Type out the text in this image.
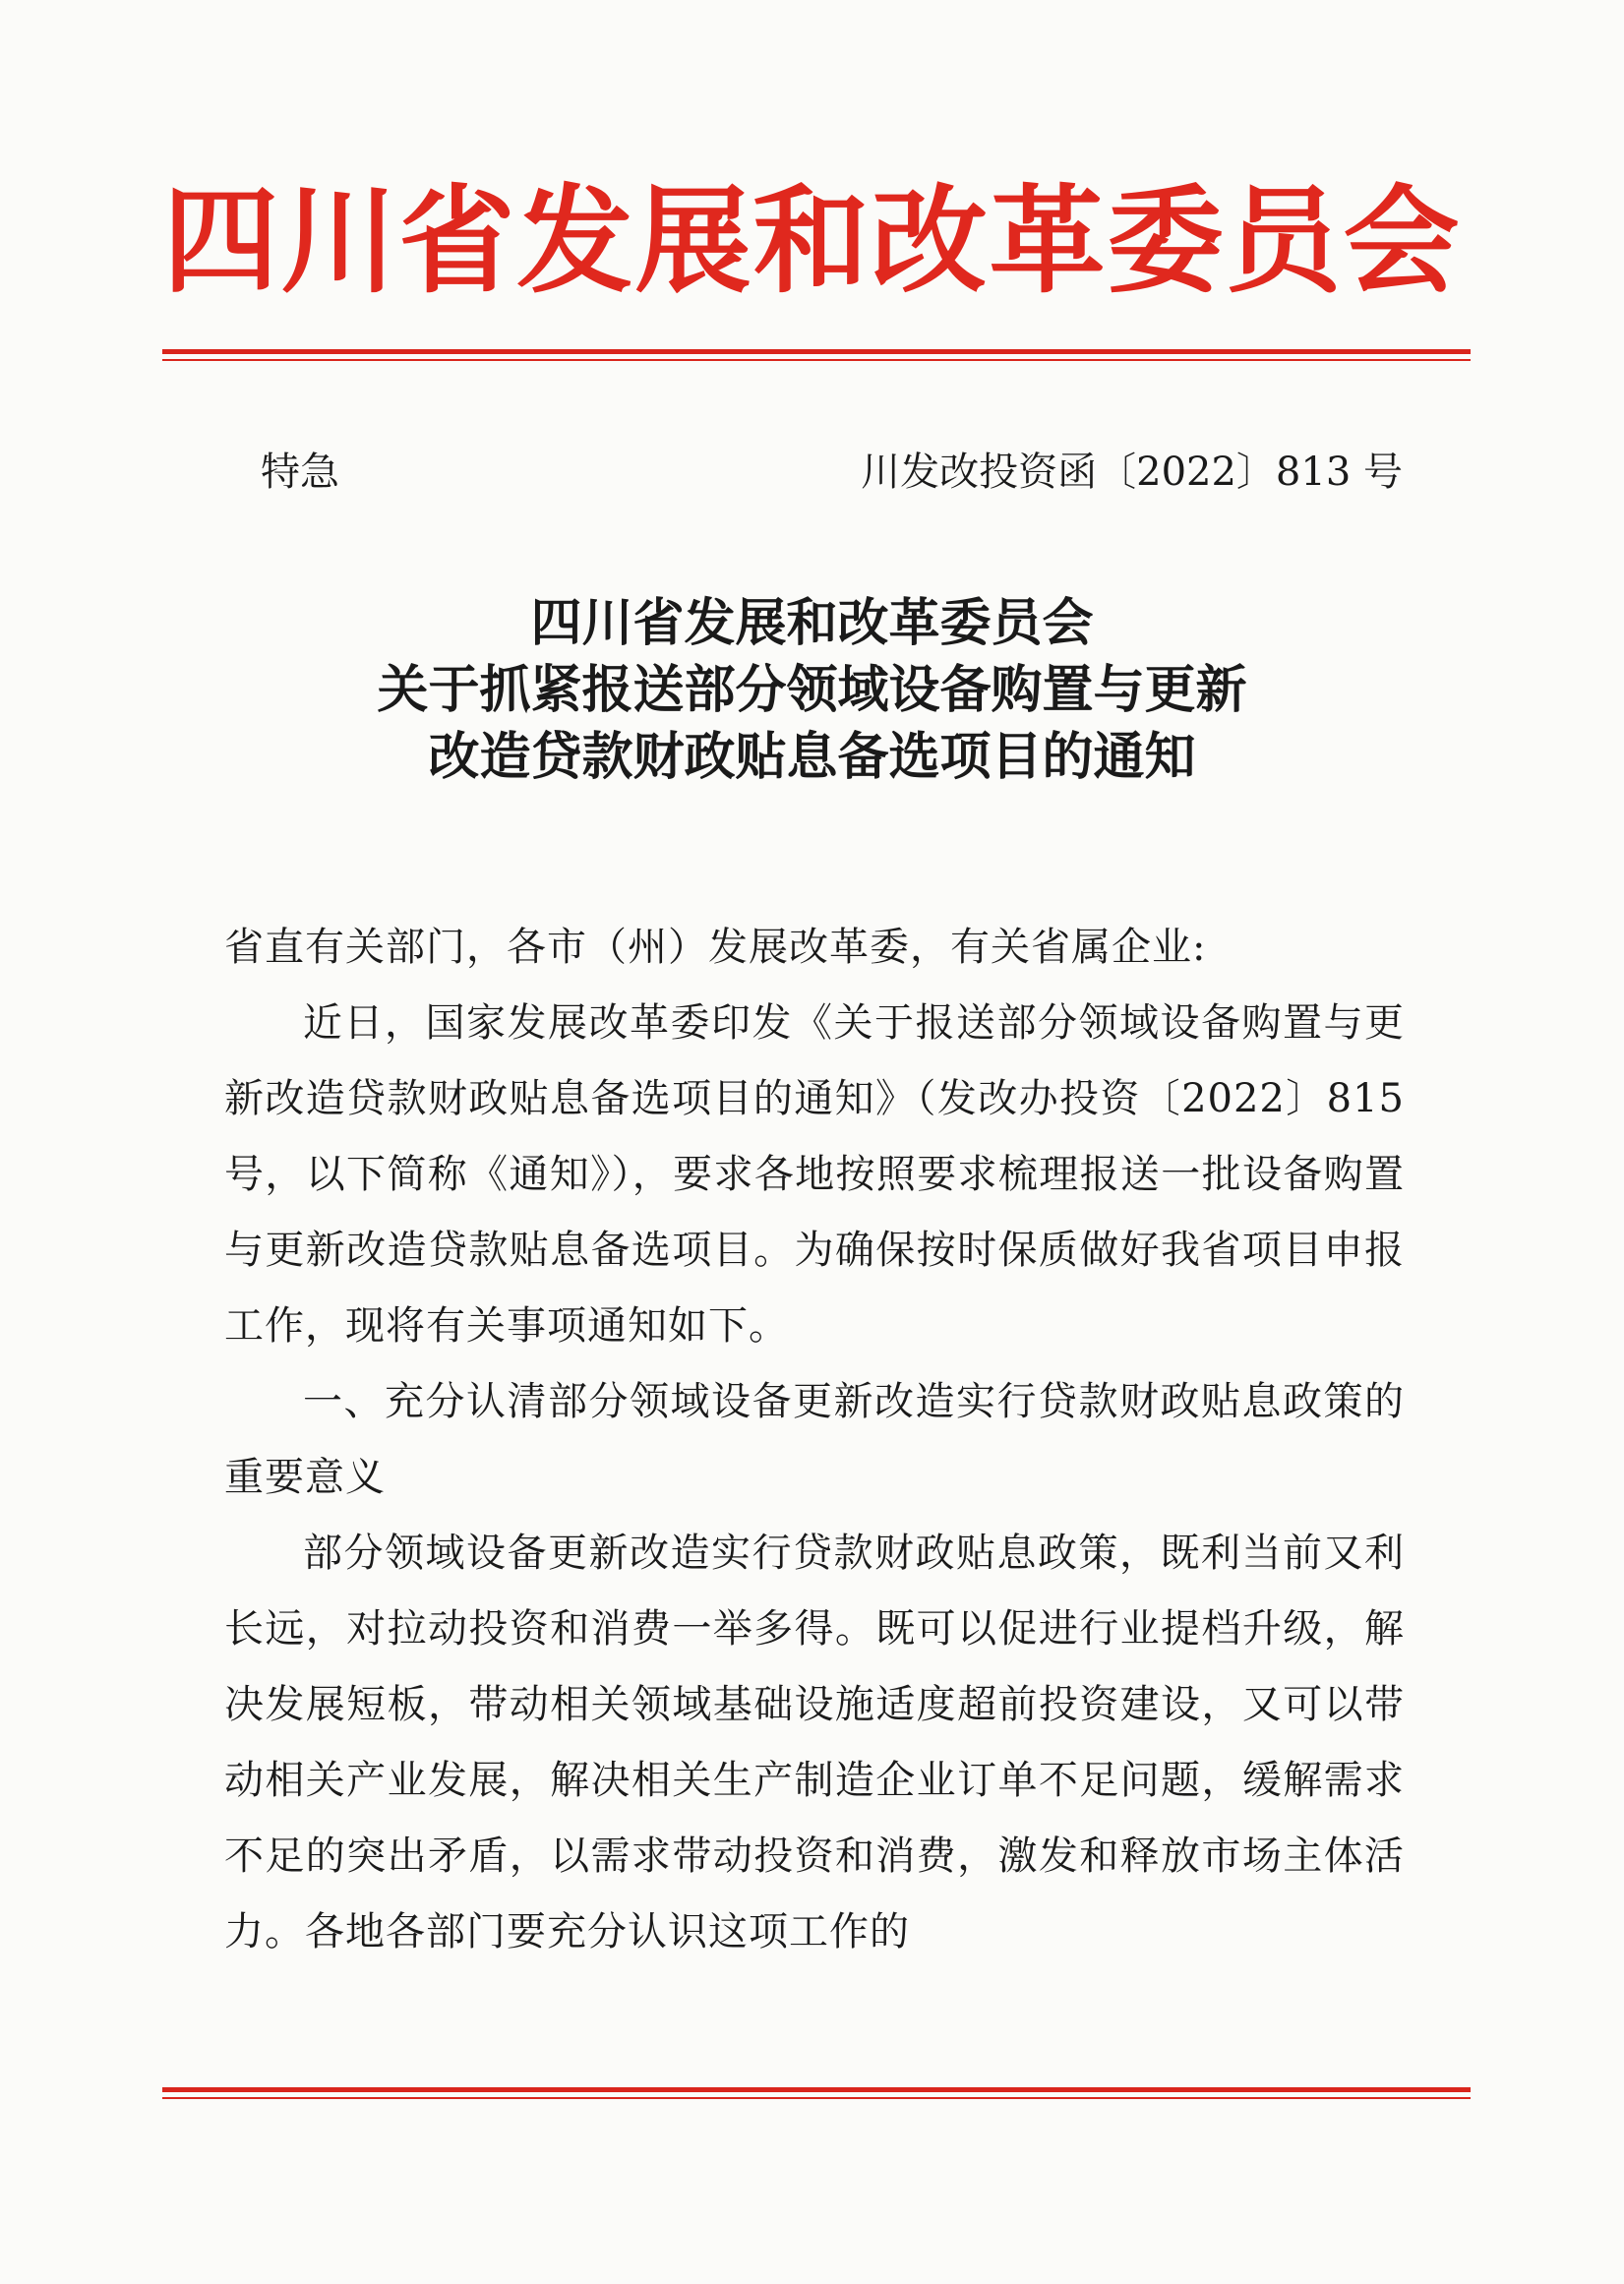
四川省发展和改革委员会
特急	川发改投资函〔2022〕813 号
四川省发展和改革委员会
关于抓紧报送部分领域设备购置与更新
改造贷款财政贴息备选项目的通知

省直有关部门，各市（州）发展改革委，有关省属企业:

近日，国家发展改革委印发《关于报送部分领域设备购置与更新改造贷款财政贴息备选项目的通知》（发改办投资〔2022〕815 号，以下简称《通知》），要求各地按照要求梳理报送一批设备购置与更新改造贷款贴息备选项目。为确保按时保质做好我省项目申报工作，现将有关事项通知如下。

一、充分认清部分领域设备更新改造实行贷款财政贴息政策的重要意义

部分领域设备更新改造实行贷款财政贴息政策，既利当前又利长远，对拉动投资和消费一举多得。既可以促进行业提档升级，解决发展短板，带动相关领域基础设施适度超前投资建设，又可以带动相关产业发展，解决相关生产制造企业订单不足问题，缓解需求不足的突出矛盾，以需求带动投资和消费，激发和释放市场主体活力。各地各部门要充分认识这项工作的
